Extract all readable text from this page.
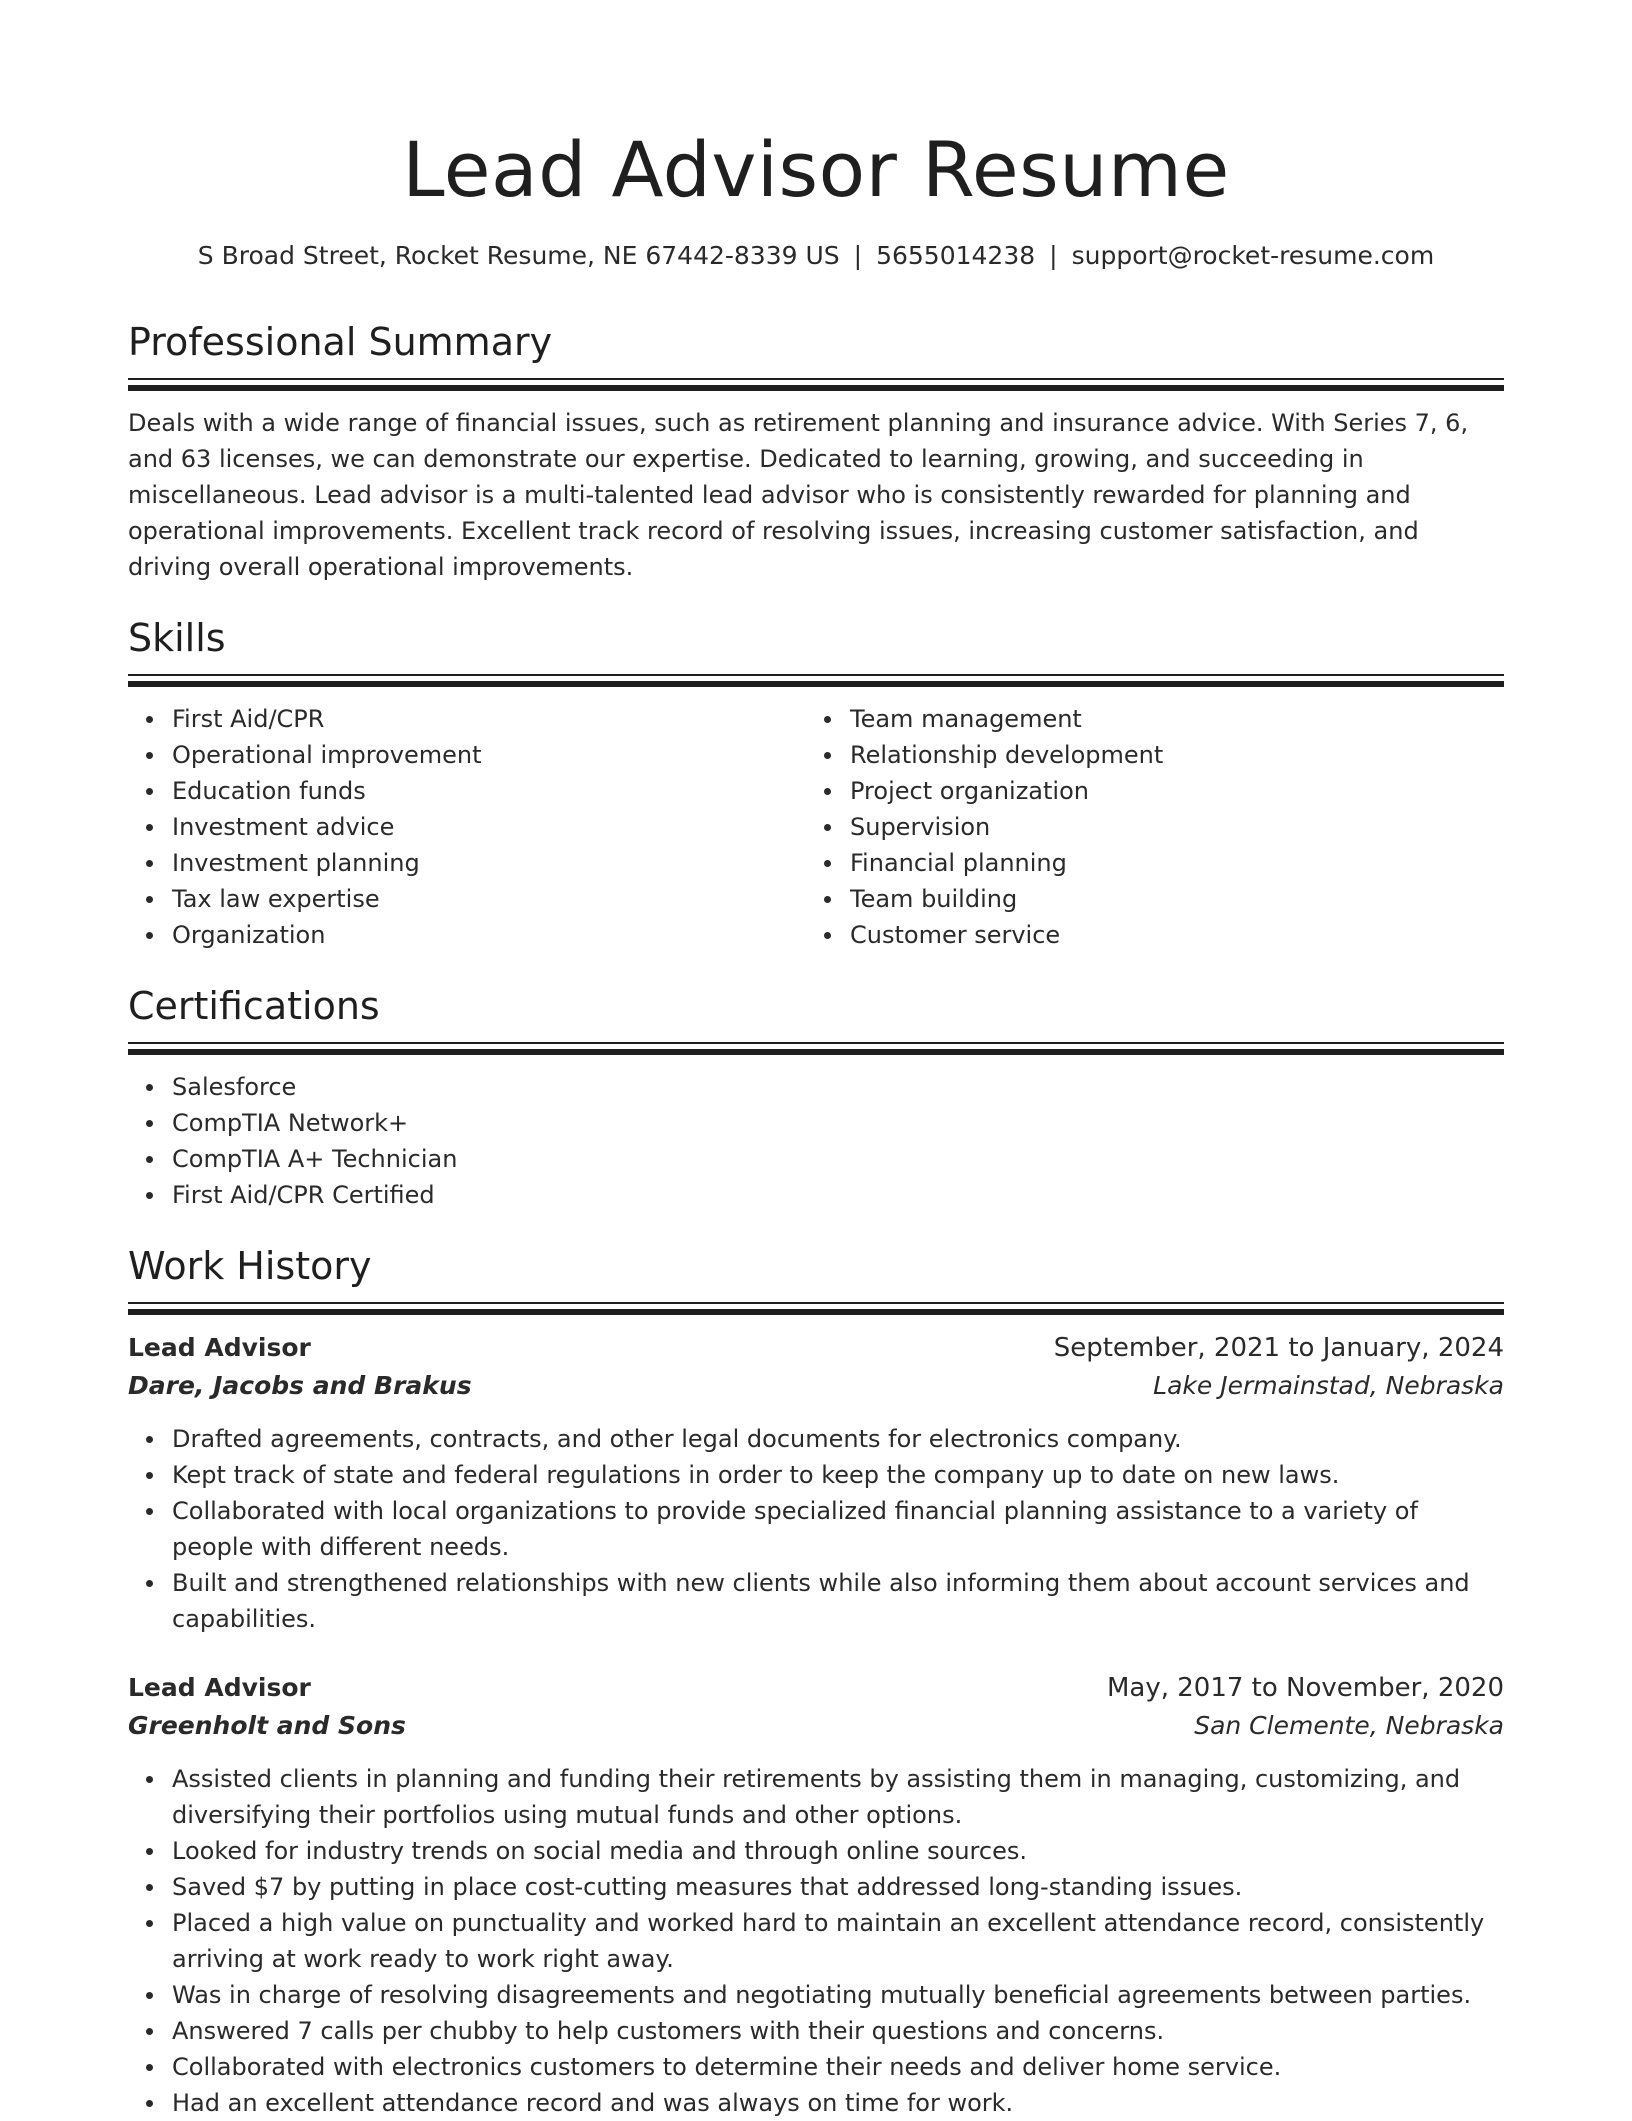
Lead Advisor Resume
S Broad Street, Rocket Resume, NE 67442-8339 US | 5655014238 | support@rocket-resume.com
Professional Summary
Deals with a wide range of financial issues, such as retirement planning and insurance advice. With Series 7, 6, and 63 licenses, we can demonstrate our expertise. Dedicated to learning, growing, and succeeding in miscellaneous. Lead advisor is a multi-talented lead advisor who is consistently rewarded for planning and operational improvements. Excellent track record of resolving issues, increasing customer satisfaction, and driving overall operational improvements.
Skills
First Aid/CPR
Operational improvement
Education funds
Investment advice
Investment planning
Tax law expertise
Organization
Team management
Relationship development
Project organization
Supervision
Financial planning
Team building
Customer service
Certifications
Salesforce
CompTIA Network+
CompTIA A+ Technician
First Aid/CPR Certified
Work History
Lead Advisor	September, 2021 to January, 2024
Dare, Jacobs and Brakus	Lake Jermainstad, Nebraska
Drafted agreements, contracts, and other legal documents for electronics company.
Kept track of state and federal regulations in order to keep the company up to date on new laws.
Collaborated with local organizations to provide specialized financial planning assistance to a variety of people with different needs.
Built and strengthened relationships with new clients while also informing them about account services and capabilities.
Lead Advisor	May, 2017 to November, 2020
Greenholt and Sons	San Clemente, Nebraska
Assisted clients in planning and funding their retirements by assisting them in managing, customizing, and diversifying their portfolios using mutual funds and other options.
Looked for industry trends on social media and through online sources.
Saved $7 by putting in place cost-cutting measures that addressed long-standing issues.
Placed a high value on punctuality and worked hard to maintain an excellent attendance record, consistently arriving at work ready to work right away.
Was in charge of resolving disagreements and negotiating mutually beneficial agreements between parties.
Answered 7 calls per chubby to help customers with their questions and concerns.
Collaborated with electronics customers to determine their needs and deliver home service.
Had an excellent attendance record and was always on time for work.
